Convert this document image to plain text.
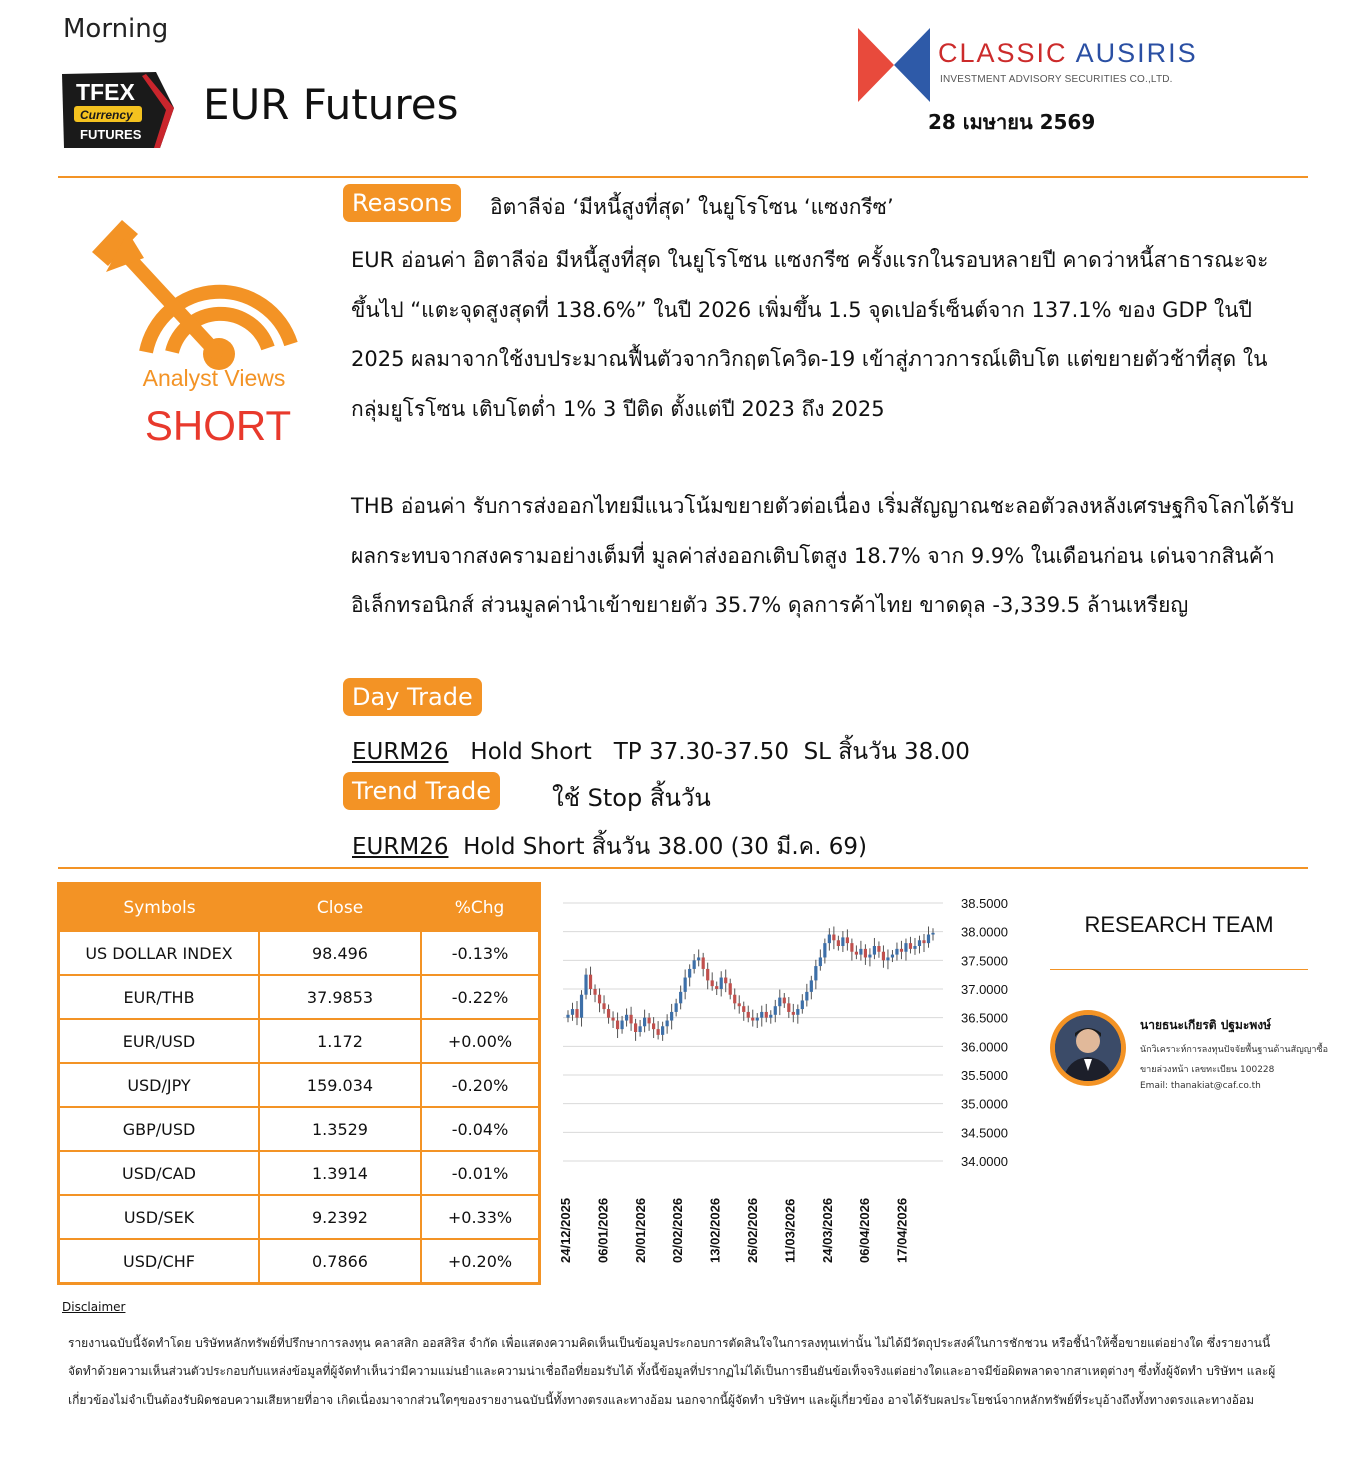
Morning
TFEX
Currency
FUTURES
EUR Futures
CLASSIC AUSIRIS
INVESTMENT ADVISORY SECURITIES CO.,LTD.
28 เมษายน 2569
Analyst Views
SHORT
Reasons	อิตาลีจ่อ ‘มีหนี้สูงที่สุด’ ในยูโรโซน ‘แซงกรีซ’
EUR อ่อนค่า อิตาลีจ่อ มีหนี้สูงที่สุด ในยูโรโซน แซงกรีซ ครั้งแรกในรอบหลายปี คาดว่าหนี้สาธารณะจะขึ้นไป “แตะจุดสูงสุดที่ 138.6%” ในปี 2026 เพิ่มขึ้น 1.5 จุดเปอร์เซ็นต์จาก 137.1% ของ GDP ในปี 2025 ผลมาจากใช้งบประมาณฟื้นตัวจากวิกฤตโควิด-19 เข้าสู่ภาวการณ์เติบโต แต่ขยายตัวช้าที่สุด ในกลุ่มยูโรโซน เติบโตต่ำ 1% 3 ปีติด ตั้งแต่ปี 2023 ถึง 2025
THB อ่อนค่า รับการส่งออกไทยมีแนวโน้มขยายตัวต่อเนื่อง เริ่มสัญญาณชะลอตัวลงหลังเศรษฐกิจโลกได้รับผลกระทบจากสงครามอย่างเต็มที่ มูลค่าส่งออกเติบโตสูง 18.7% จาก 9.9% ในเดือนก่อน เด่นจากสินค้าอิเล็กทรอนิกส์ ส่วนมูลค่านำเข้าขยายตัว 35.7% ดุลการค้าไทย ขาดดุล -3,339.5 ล้านเหรียญ
Day Trade
EURM26 Hold Short TP 37.30-37.50 SL สิ้นวัน 38.00
Trend Trade	ใช้ Stop สิ้นวัน
EURM26 Hold Short สิ้นวัน 38.00 (30 มี.ค. 69)
Symbols	Close	%Chg
US DOLLAR INDEX	98.496	-0.13%
EUR/THB	37.9853	-0.22%
EUR/USD	1.172	+0.00%
USD/JPY	159.034	-0.20%
GBP/USD	1.3529	-0.04%
USD/CAD	1.3914	-0.01%
USD/SEK	9.2392	+0.33%
USD/CHF	0.7866	+0.20%
38.5000
38.0000
37.5000
37.0000
36.5000
36.0000
35.5000
35.0000
34.5000
34.0000
24/12/2025 06/01/2026 20/01/2026 02/02/2026 13/02/2026 26/02/2026 11/03/2026 24/03/2026 06/04/2026 17/04/2026
RESEARCH TEAM
นายธนะเกียรติ ปฐมะพงษ์
นักวิเคราะห์การลงทุนปัจจัยพื้นฐานด้านสัญญาซื้อ
ขายล่วงหน้า เลขทะเบียน 100228
Email: thanakiat@caf.co.th
Disclaimer
รายงานฉบับนี้จัดทำโดย บริษัทหลักทรัพย์ที่ปรึกษาการลงทุน คลาสสิก ออสสิริส จำกัด เพื่อแสดงความคิดเห็นเป็นข้อมูลประกอบการตัดสินใจในการลงทุนเท่านั้น ไม่ได้มีวัตถุประสงค์ในการชักชวน หรือชี้นำให้ซื้อขายแต่อย่างใด ซึ่งรายงานนี้ จัดทำด้วยความเห็นส่วนตัวประกอบกับแหล่งข้อมูลที่ผู้จัดทำเห็นว่ามีความแม่นยำและความน่าเชื่อถือที่ยอมรับได้ ทั้งนี้ข้อมูลที่ปรากฏไม่ได้เป็นการยืนยันข้อเท็จจริงแต่อย่างใดและอาจมีข้อผิดพลาดจากสาเหตุต่างๆ ซึ่งทั้งผู้จัดทำ บริษัทฯ และผู้เกี่ยวข้องไม่จำเป็นต้องรับผิดชอบความเสียหายที่อาจ เกิดเนื่องมาจากส่วนใดๆของรายงานฉบับนี้ทั้งทางตรงและทางอ้อม นอกจากนี้ผู้จัดทำ บริษัทฯ และผู้เกี่ยวข้อง อาจได้รับผลประโยชน์จากหลักทรัพย์ที่ระบุอ้างถึงทั้งทางตรงและทางอ้อม
